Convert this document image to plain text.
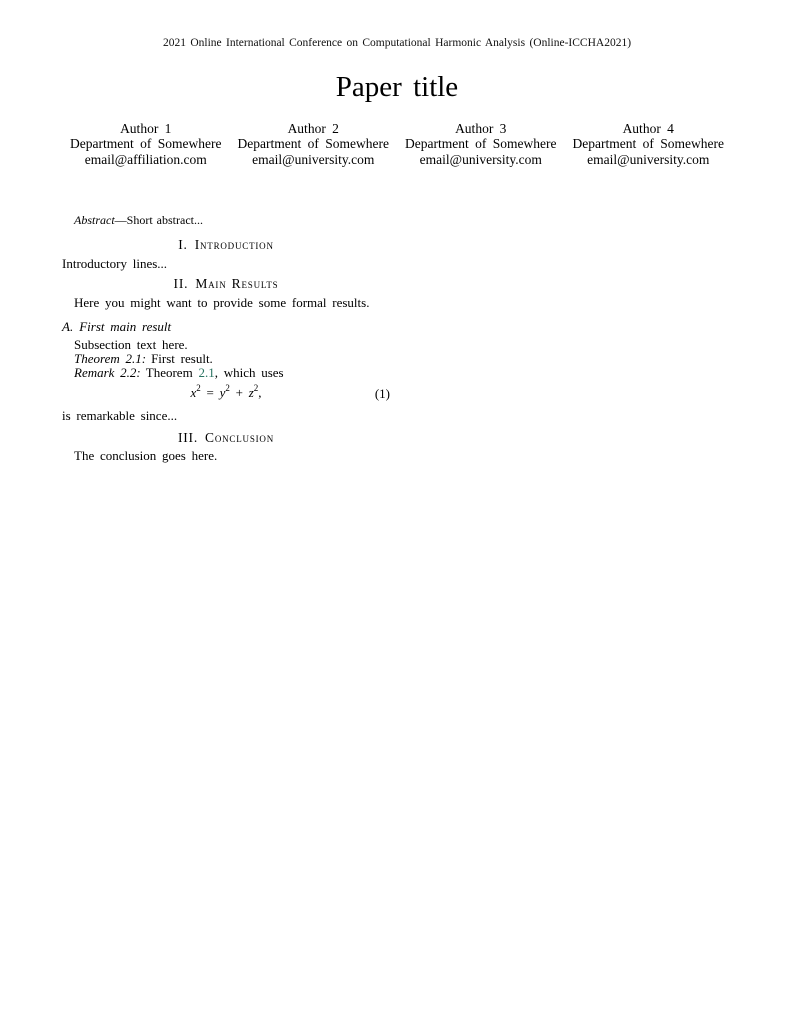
2021 Online International Conference on Computational Harmonic Analysis (Online-ICCHA2021)
Paper title
Author 1
Department of Somewhere
email@affiliation.com
Author 2
Department of Somewhere
email@university.com
Author 3
Department of Somewhere
email@university.com
Author 4
Department of Somewhere
email@university.com

Abstract—Short abstract...

I. Introduction

Introductory lines...

II. Main Results

Here you might want to provide some formal results.

A. First main result

Subsection text here.

Theorem 2.1: First result.

Remark 2.2: Theorem 2.1, which uses

$x^2 = y^2 + z^2$,	(1)

is remarkable since...

III. Conclusion

The conclusion goes here.
